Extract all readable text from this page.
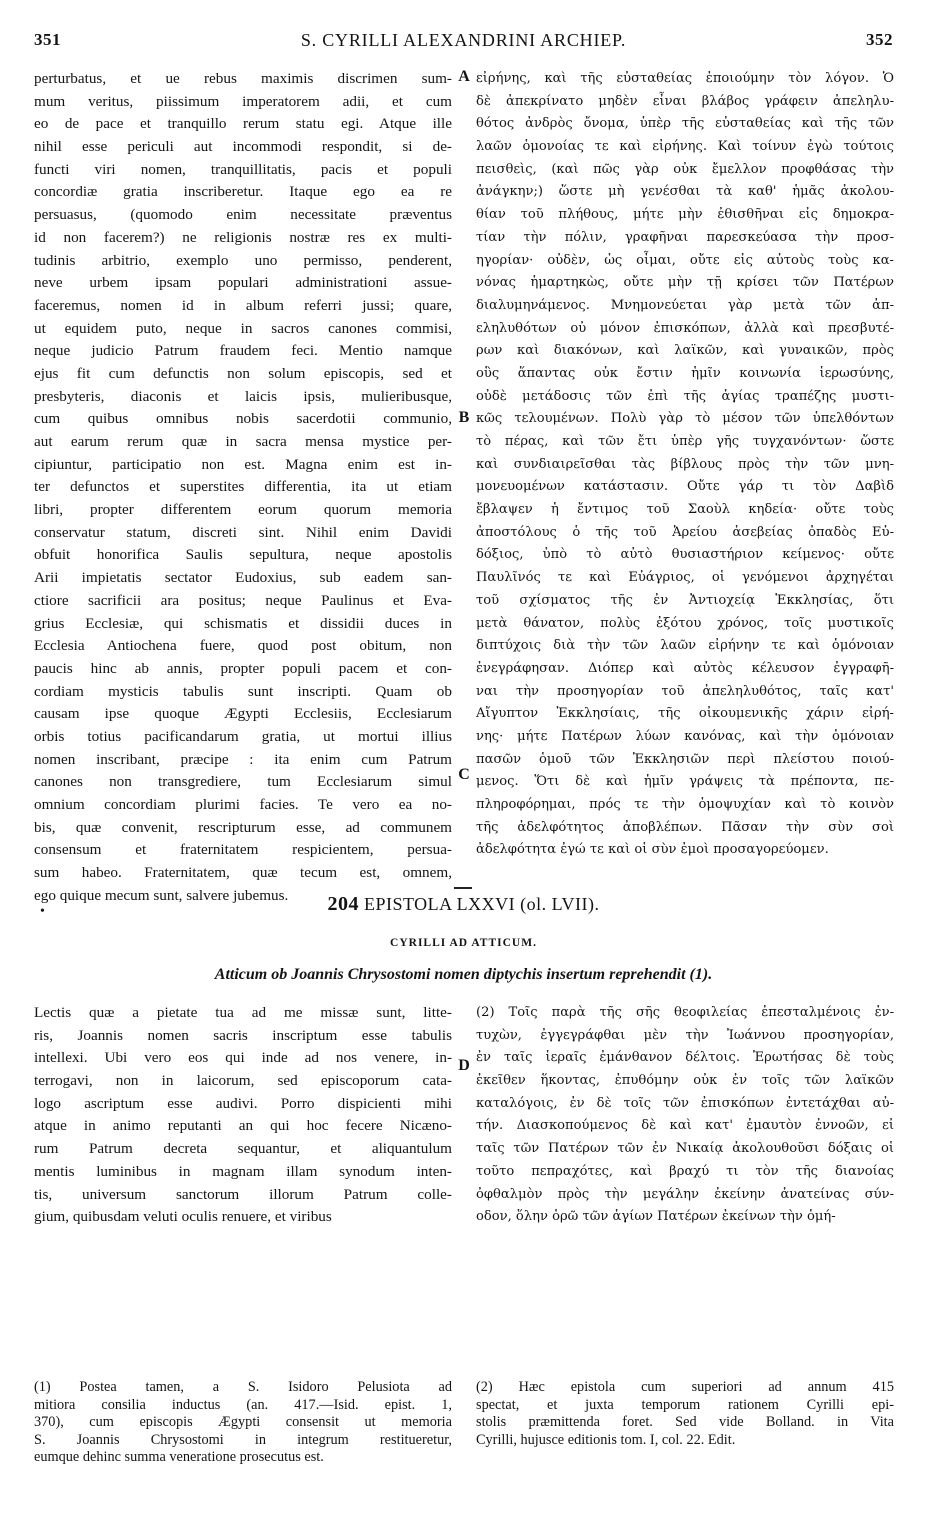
351	S. CYRILLI ALEXANDRINI ARCHIEP.	352
perturbatus, et ue rebus maximis discrimen sum-
mum veritus, piissimum imperatorem adii, et cum
eo de pace et tranquillo rerum statu egi. Atque ille
nihil esse periculi aut incommodi respondit, si de-
functi viri nomen, tranquillitatis, pacis et populi
concordiæ gratia inscriberetur. Itaque ego ea re
persuasus, (quomodo enim necessitate præventus
id non facerem?) ne religionis nostræ res ex multi-
tudinis arbitrio, exemplo uno permisso, penderent,
neve urbem ipsam populari administrationi assue-
faceremus, nomen id in album referri jussi; quare,
ut equidem puto, neque in sacros canones commisi,
neque judicio Patrum fraudem feci. Mentio namque
ejus fit cum defunctis non solum episcopis, sed et
presbyteris, diaconis et laicis ipsis, mulieribusque,
cum quibus omnibus nobis sacerdotii communio,
aut earum rerum quæ in sacra mensa mystice per-
cipiuntur, participatio non est. Magna enim est in-
ter defunctos et superstites differentia, ita ut etiam
libri, propter differentem eorum quorum memoria
conservatur statum, discreti sint. Nihil enim Davidi
obfuit honorifica Saulis sepultura, neque apostolis
Arii impietatis sectator Eudoxius, sub eadem san-
ctiore sacrificii ara positus; neque Paulinus et Eva-
grius Ecclesiæ, qui schismatis et dissidii duces in
Ecclesia Antiochena fuere, quod post obitum, non
paucis hinc ab annis, propter populi pacem et con-
cordiam mysticis tabulis sunt inscripti. Quam ob
causam ipse quoque Ægypti Ecclesiis, Ecclesiarum
orbis totius pacificandarum gratia, ut mortui illius
nomen inscribant, præcipe : ita enim cum Patrum
canones non transgrediere, tum Ecclesiarum simul
omnium concordiam plurimi facies. Te vero ea no-
bis, quæ convenit, rescripturum esse, ad communem
consensum et fraternitatem respicientem, persua-
sum habeo. Fraternitatem, quæ tecum est, omnem,
ego quique mecum sunt, salvere jubemus.
εἰρήνης, καὶ τῆς εὐσταθείας ἐποιούμην τὸν λόγον. Ὁ
δὲ ἀπεκρίνατο μηδὲν εἶναι βλάβος γράφειν ἀπεληλυ-
θότος ἀνδρὸς ὄνομα, ὑπὲρ τῆς εὐσταθείας καὶ τῆς τῶν
λαῶν ὁμονοίας τε καὶ εἰρήνης. Καὶ τοίνυν ἐγὼ τούτοις
πεισθεὶς, (καὶ πῶς γὰρ οὐκ ἔμελλον προφθάσας τὴν
ἀνάγκην;) ὥστε μὴ γενέσθαι τὰ καθ' ἡμᾶς ἀκολου-
θίαν τοῦ πλήθους, μήτε μὴν ἐθισθῆναι εἰς δημοκρα-
τίαν τὴν πόλιν, γραφῆναι παρεσκεύασα τὴν προσ-
ηγορίαν· οὐδὲν, ὡς οἶμαι, οὔτε εἰς αὐτοὺς τοὺς κα-
νόνας ἡμαρτηκὼς, οὔτε μὴν τῇ κρίσει τῶν Πατέρων
διαλυμηνάμενος. Μνημονεύεται γὰρ μετὰ τῶν ἀπ-
εληλυθότων οὐ μόνον ἐπισκόπων, ἀλλὰ καὶ πρεσβυτέ-
ρων καὶ διακόνων, καὶ λαϊκῶν, καὶ γυναικῶν, πρὸς
οὓς ἅπαντας οὐκ ἔστιν ἡμῖν κοινωνία ἱερωσύνης,
οὐδὲ μετάδοσις τῶν ἐπὶ τῆς ἁγίας τραπέζης μυστι-
κῶς τελουμένων. Πολὺ γὰρ τὸ μέσον τῶν ὑπελθόντων
τὸ πέρας, καὶ τῶν ἔτι ὑπὲρ γῆς τυγχανόντων· ὥστε
καὶ συνδιαιρεῖσθαι τὰς βίβλους πρὸς τὴν τῶν μνη-
μονευομένων κατάστασιν. Οὔτε γάρ τι τὸν Δαβὶδ
ἔβλαψεν ἡ ἔντιμος τοῦ Σαοὺλ κηδεία· οὔτε τοὺς
ἀποστόλους ὁ τῆς τοῦ Ἀρείου ἀσεβείας ὀπαδὸς Εὐ-
δόξιος, ὑπὸ τὸ αὐτὸ θυσιαστήριον κείμενος· οὔτε
Παυλῖνός τε καὶ Εὐάγριος, οἱ γενόμενοι ἀρχηγέται
τοῦ σχίσματος τῆς ἐν Ἀντιοχείᾳ Ἐκκλησίας, ὅτι
μετὰ θάνατον, πολὺς ἐξότου χρόνος, τοῖς μυστικοῖς
διπτύχοις διὰ τὴν τῶν λαῶν εἰρήνην τε καὶ ὁμόνοιαν
ἐνεγράφησαν. Διόπερ καὶ αὐτὸς κέλευσον ἐγγραφῆ-
ναι τὴν προσηγορίαν τοῦ ἀπεληλυθότος, ταῖς κατ'
Αἴγυπτον Ἐκκλησίαις, τῆς οἰκουμενικῆς χάριν εἰρή-
νης· μήτε Πατέρων λύων κανόνας, καὶ τὴν ὁμόνοιαν
πασῶν ὁμοῦ τῶν Ἐκκλησιῶν περὶ πλείστου ποιού-
μενος. Ὅτι δὲ καὶ ἡμῖν γράψεις τὰ πρέποντα, πε-
πληροφόρημαι, πρός τε τὴν ὁμοψυχίαν καὶ τὸ κοινὸν
τῆς ἀδελφότητος ἀποβλέπων. Πᾶσαν τὴν σὺν σοὶ
ἀδελφότητα ἐγώ τε καὶ οἱ σὺν ἐμοὶ προσαγορεύομεν.
A
B
C
D
•	204 EPISTOLA LXXVI (ol. LVII).
CYRILLI AD ATTICUM.
Atticum ob Joannis Chrysostomi nomen diptychis insertum reprehendit (1).
Lectis quæ a pietate tua ad me missæ sunt, litte-
ris, Joannis nomen sacris inscriptum esse tabulis
intellexi. Ubi vero eos qui inde ad nos venere, in-
terrogavi, non in laicorum, sed episcoporum cata-
logo ascriptum esse audivi. Porro dispicienti mihi
atque in animo reputanti an qui hoc fecere Nicæno-
rum Patrum decreta sequantur, et aliquantulum
mentis luminibus in magnam illam synodum inten-
tis, universum sanctorum illorum Patrum colle-
gium, quibusdam veluti oculis renuere, et viribus
(2) Τοῖς παρὰ τῆς σῆς θεοφιλείας ἐπεσταλμένοις ἐν-
τυχὼν, ἐγγεγράφθαι μὲν τὴν Ἰωάννου προσηγορίαν,
ἐν ταῖς ἱεραῖς ἐμάνθανον δέλτοις. Ἐρωτήσας δὲ τοὺς
ἐκεῖθεν ἥκοντας, ἐπυθόμην οὐκ ἐν τοῖς τῶν λαϊκῶν
καταλόγοις, ἐν δὲ τοῖς τῶν ἐπισκόπων ἐντετάχθαι αὐ-
τήν. Διασκοπούμενος δὲ καὶ κατ' ἐμαυτὸν ἐννοῶν, εἰ
ταῖς τῶν Πατέρων τῶν ἐν Νικαίᾳ ἀκολουθοῦσι δόξαις οἱ
τοῦτο πεπραχότες, καὶ βραχύ τι τὸν τῆς διανοίας
ὀφθαλμὸν πρὸς τὴν μεγάλην ἐκείνην ἀνατείνας σύν-
οδον, ὅλην ὁρῶ τῶν ἁγίων Πατέρων ἐκείνων τὴν ὁμή-
(1) Postea tamen, a S. Isidoro Pelusiota ad
mitiora consilia inductus (an. 417.—Isid. epist. 1,
370), cum episcopis Ægypti consensit ut memoria
S. Joannis Chrysostomi in integrum restitueretur,
eumque dehinc summa veneratione prosecutus est.
(2) Hæc epistola cum superiori ad annum 415
spectat, et juxta temporum rationem Cyrilli epi-
stolis præmittenda foret. Sed vide Bolland. in Vita
Cyrilli, hujusce editionis tom. I, col. 22. Edit.
